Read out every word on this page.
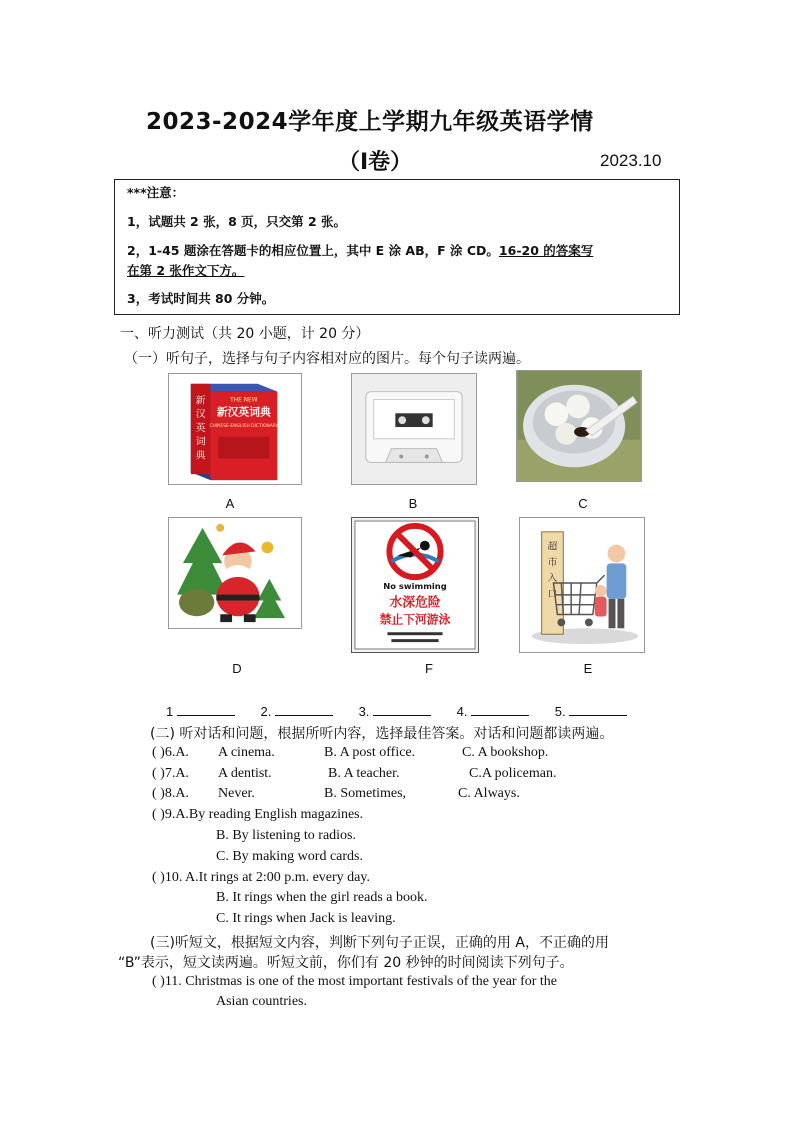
2023-2024学年度上学期九年级英语学情
（Ⅰ卷）	2023.10
***注意：
1，试题共 2 张，8 页，只交第 2 张。
2，1-45 题涂在答题卡的相应位置上，其中 E 涂 AB，F 涂 CD。16-20 的答案写
在第 2 张作文下方。
3，考试时间共 80 分钟。
一、听力测试（共 20 小题，计 20 分）
（一）听句子，选择与句子内容相对应的图片。每个句子读两遍。
新
汉
英
词
典
THE NEW
新汉英词典
CHINESE-ENGLISH DICTIONARY
A	B	C
D
No swimming
水深危险
禁止下河游泳
F
超
市
入
口
E
1	2.	3.	4.	5.
(二) 听对话和问题，根据所听内容，选择最佳答案。对话和问题都读两遍。
( )6.A. A cinema.	B. A post office.	C. A bookshop.
( )7.A. A dentist.	B. A teacher.	C.A policeman.
( )8.A. Never.	B. Sometimes,	C. Always.
( )9.A.By reading English magazines.
B. By listening to radios.
C. By making word cards.
( )10. A.It rings at 2:00 p.m. every day.
B. It rings when the girl reads a book.
C. It rings when Jack is leaving.
(三)听短文，根据短文内容，判断下列句子正误，正确的用 A，不正确的用
“B”表示，短文读两遍。听短文前，你们有 20 秒钟的时间阅读下列句子。
( )11. Christmas is one of the most important festivals of the year for the
Asian countries.
